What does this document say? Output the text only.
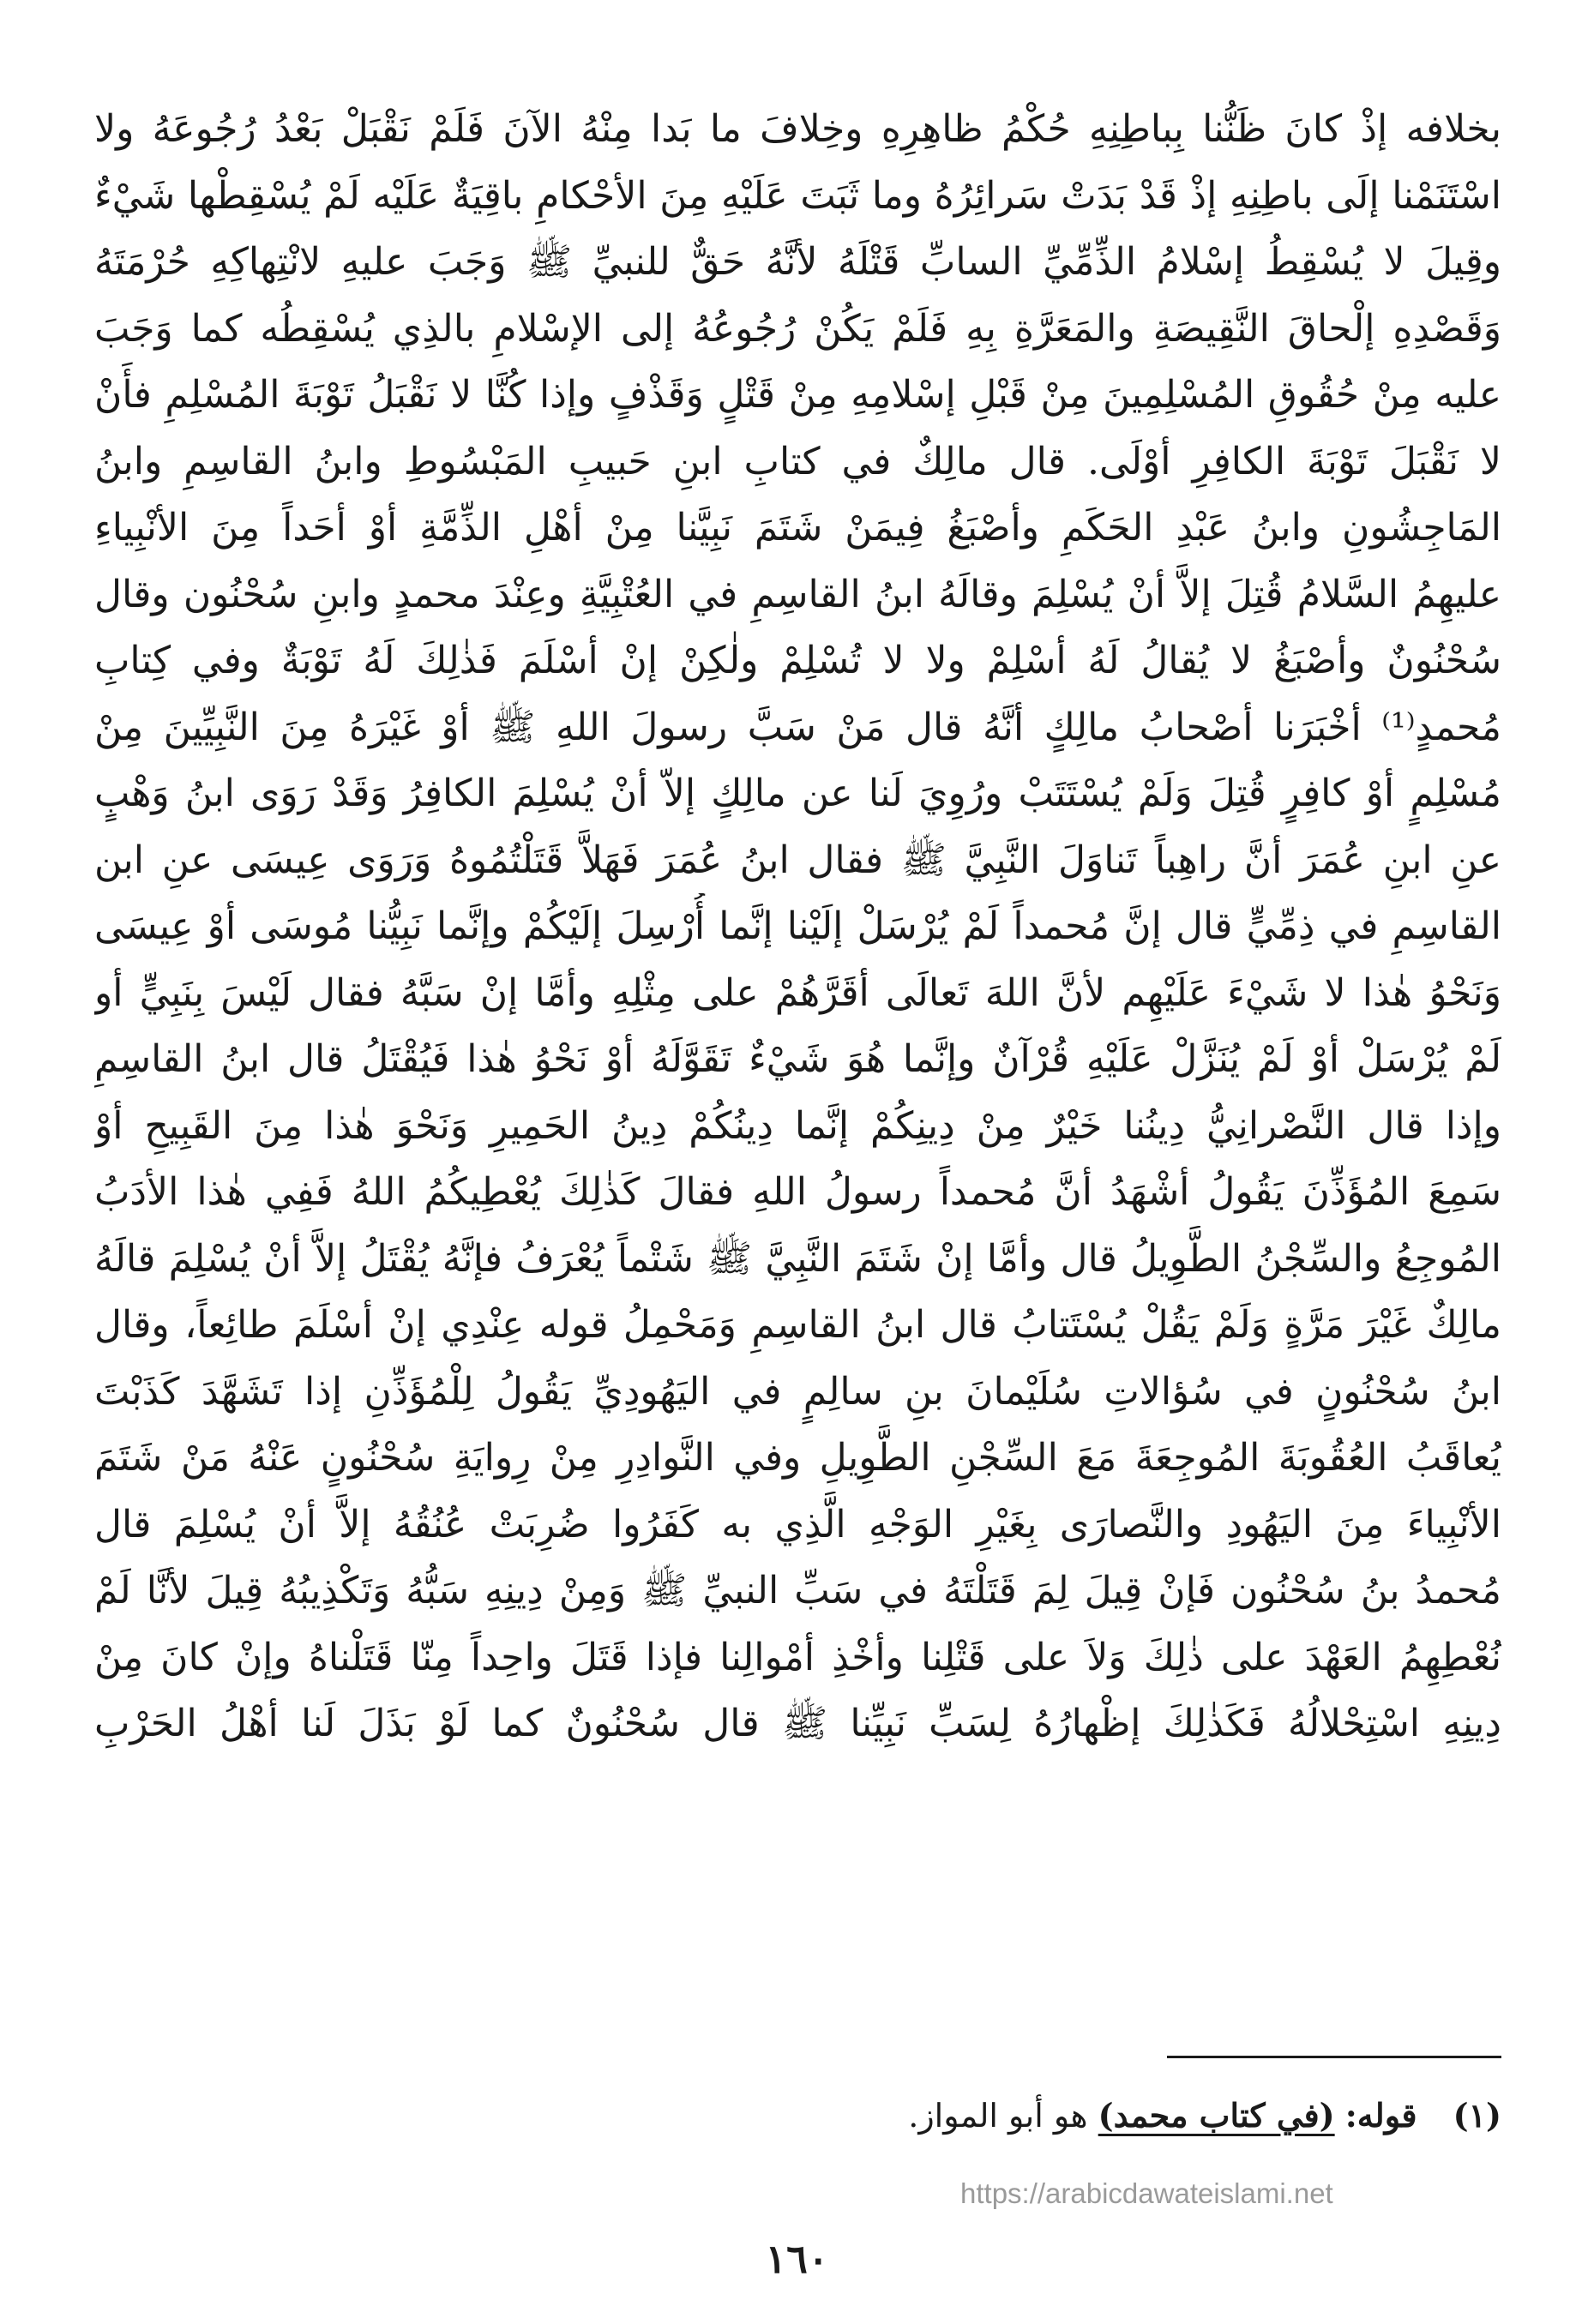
بخلافه إذْ كانَ ظَنُّنا بِباطِنِهِ حُكْمُ ظاهِرِهِ وخِلافَ ما بَدا مِنْهُ الآنَ فَلَمْ نَقْبَلْ بَعْدُ رُجُوعَهُ ولا
اسْتَنَمْنا إلَى باطِنِهِ إذْ قَدْ بَدَتْ سَرائِرُهُ وما ثَبَتَ عَلَيْهِ مِنَ الأحْكامِ باقِيَةٌ عَلَيْه لَمْ يُسْقِطْها شَيْءٌ
وقِيلَ لا يُسْقِطُ إسْلامُ الذِّمِّيِّ السابِّ قَتْلَهُ لأنَّهُ حَقٌّ للنبيِّ ﷺ وَجَبَ عليهِ لانْتِهاكِهِ حُرْمَتَهُ
وَقَصْدِهِ إلْحاقَ النَّقِيصَةِ والمَعَرَّةِ بِهِ فَلَمْ يَكُنْ رُجُوعُهُ إلى الإسْلامِ بالذِي يُسْقِطُه كما وَجَبَ
عليه مِنْ حُقُوقِ المُسْلِمِينَ مِنْ قَبْلِ إسْلامِهِ مِنْ قَتْلٍ وَقَذْفٍ وإذا كُنَّا لا نَقْبَلُ تَوْبَةَ المُسْلِمِ فأَنْ
لا نَقْبَلَ تَوْبَةَ الكافِرِ أوْلَى. قال مالِكٌ في كتابِ ابنِ حَبيبِ المَبْسُوطِ وابنُ القاسِمِ وابنُ
المَاجِشُونِ وابنُ عَبْدِ الحَكَمِ وأصْبَغُ فِيمَنْ شَتَمَ نَبِيَّنا مِنْ أهْلِ الذِّمَّةِ أوْ أحَداً مِنَ الأنْبِياءِ
عليهِمُ السَّلامُ قُتِلَ إلاَّ أنْ يُسْلِمَ وقالَهُ ابنُ القاسِمِ في العُتْبِيَّةِ وعِنْدَ محمدٍ وابنِ سُحْنُون وقال
سُحْنُونٌ وأصْبَغُ لا يُقالُ لَهُ أسْلِمْ ولا لا تُسْلِمْ ولٰكِنْ إنْ أسْلَمَ فَذٰلِكَ لَهُ تَوْبَةٌ وفي كِتابِ
مُحمدٍ⁽¹⁾ أخْبَرَنا أصْحابُ مالِكٍ أنَّهُ قال مَنْ سَبَّ رسولَ اللهِ ﷺ أوْ غَيْرَهُ مِنَ النَّبِيِّينَ مِنْ
مُسْلِمٍ أوْ كافِرٍ قُتِلَ وَلَمْ يُسْتَتَبْ ورُوِيَ لَنا عن مالِكٍ إلاّ أنْ يُسْلِمَ الكافِرُ وَقَدْ رَوَى ابنُ وَهْبٍ
عنِ ابنِ عُمَرَ أنَّ راهِباً تَناوَلَ النَّبِيَّ ﷺ فقال ابنُ عُمَرَ فَهَلاَّ قَتَلْتُمُوهُ وَرَوَى عِيسَى عنِ ابن
القاسِمِ في ذِمِّيٍّ قال إنَّ مُحمداً لَمْ يُرْسَلْ إلَيْنا إنَّما أُرْسِلَ إلَيْكُمْ وإنَّما نَبِيُّنا مُوسَى أوْ عِيسَى
وَنَحْوُ هٰذا لا شَيْءَ عَلَيْهِم لأنَّ اللهَ تَعالَى أقَرَّهُمْ على مِثْلِهِ وأمَّا إنْ سَبَّهُ فقال لَيْسَ بِنَبِيٍّ أو
لَمْ يُرْسَلْ أوْ لَمْ يُنَزَّلْ عَلَيْهِ قُرْآنٌ وإنَّما هُوَ شَيْءٌ تَقَوَّلَهُ أوْ نَحْوُ هٰذا فَيُقْتَلُ قال ابنُ القاسِمِ
وإذا قال النَّصْرانِيُّ دِينُنا خَيْرٌ مِنْ دِينِكُمْ إنَّما دِينُكُمْ دِينُ الحَمِيرِ وَنَحْوَ هٰذا مِنَ القَبِيحِ أوْ
سَمِعَ المُؤَذِّنَ يَقُولُ أشْهَدُ أنَّ مُحمداً رسولُ اللهِ فقالَ كَذٰلِكَ يُعْطِيكُمُ اللهُ فَفِي هٰذا الأدَبُ
المُوجِعُ والسِّجْنُ الطَّوِيلُ قال وأمَّا إنْ شَتَمَ النَّبِيَّ ﷺ شَتْماً يُعْرَفُ فإنَّهُ يُقْتَلُ إلاَّ أنْ يُسْلِمَ قالَهُ
مالِكٌ غَيْرَ مَرَّةٍ وَلَمْ يَقُلْ يُسْتَتابُ قال ابنُ القاسِمِ وَمَحْمِلُ قوله عِنْدِي إنْ أسْلَمَ طائِعاً، وقال
ابنُ سُحْنُونٍ في سُؤالاتِ سُلَيْمانَ بنِ سالِمٍ في اليَهُودِيِّ يَقُولُ لِلْمُؤَذِّنِ إذا تَشَهَّدَ كَذَبْتَ
يُعاقَبُ العُقُوبَةَ المُوجِعَةَ مَعَ السِّجْنِ الطَّوِيلِ وفي النَّوادِرِ مِنْ رِوايَةِ سُحْنُونٍ عَنْهُ مَنْ شَتَمَ
الأنْبِياءَ مِنَ اليَهُودِ والنَّصارَى بِغَيْرِ الوَجْهِ الَّذِي به كَفَرُوا ضُرِبَتْ عُنُقُهُ إلاَّ أنْ يُسْلِمَ قال
مُحمدُ بنُ سُحْنُون فَإنْ قِيلَ لِمَ قَتَلْتَهُ في سَبِّ النبيِّ ﷺ وَمِنْ دِينِهِ سَبُّهُ وَتَكْذِيبُهُ قِيلَ لأنَّا لَمْ
نُعْطِهِمُ العَهْدَ على ذٰلِكَ وَلاَ على قَتْلِنا وأخْذِ أمْوالِنا فإذا قَتَلَ واحِداً مِنّا قَتَلْناهُ وإنْ كانَ مِنْ
دِينِهِ اسْتِحْلالُهُ فَكَذٰلِكَ إظْهارُهُ لِسَبِّ نَبِيِّنا ﷺ قال سُحْنُونٌ كما لَوْ بَذَلَ لَنا أهْلُ الحَرْبِ
(١) قوله: (في كتاب محمد) هو أبو المواز.
https://arabicdawateislami.net
١٦٠
